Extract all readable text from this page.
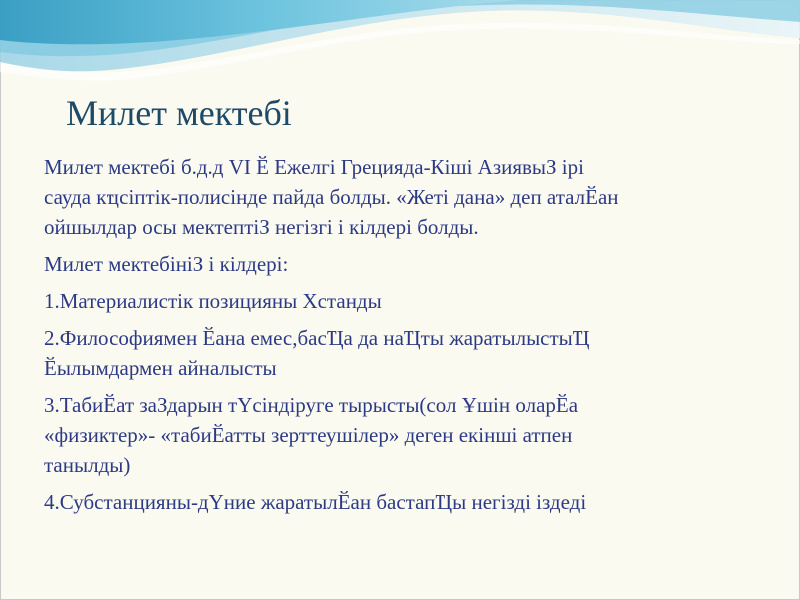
Милет мектебі

Милет мектебі б.д.д VI Ӗ Ежелгі Грецияда-Кіші АзиявыЗ ірі
сауда кҵсіптік-полисінде пайда болды. «Жеті дана» деп аталӖан
ойшылдар осы мектептіЗ негізгі і кілдері болды.

Милет мектебініЗ і кілдері:

1.Материалистік позицияны Хстанды

2.Философиямен Ӗана емес,басҴа да наҴты жаратылыстыҴ
Ӗылымдармен айналысты

3.ТабиӖат заЗдарын тҮсіндіруге тырысты(сол Ұшін оларӖа
«физиктер»- «табиӖатты зерттеушілер» деген екінші атпен
танылды)

4.Субстанцияны-дҮние жаратылӖан бастапҴы негізді іздеді
